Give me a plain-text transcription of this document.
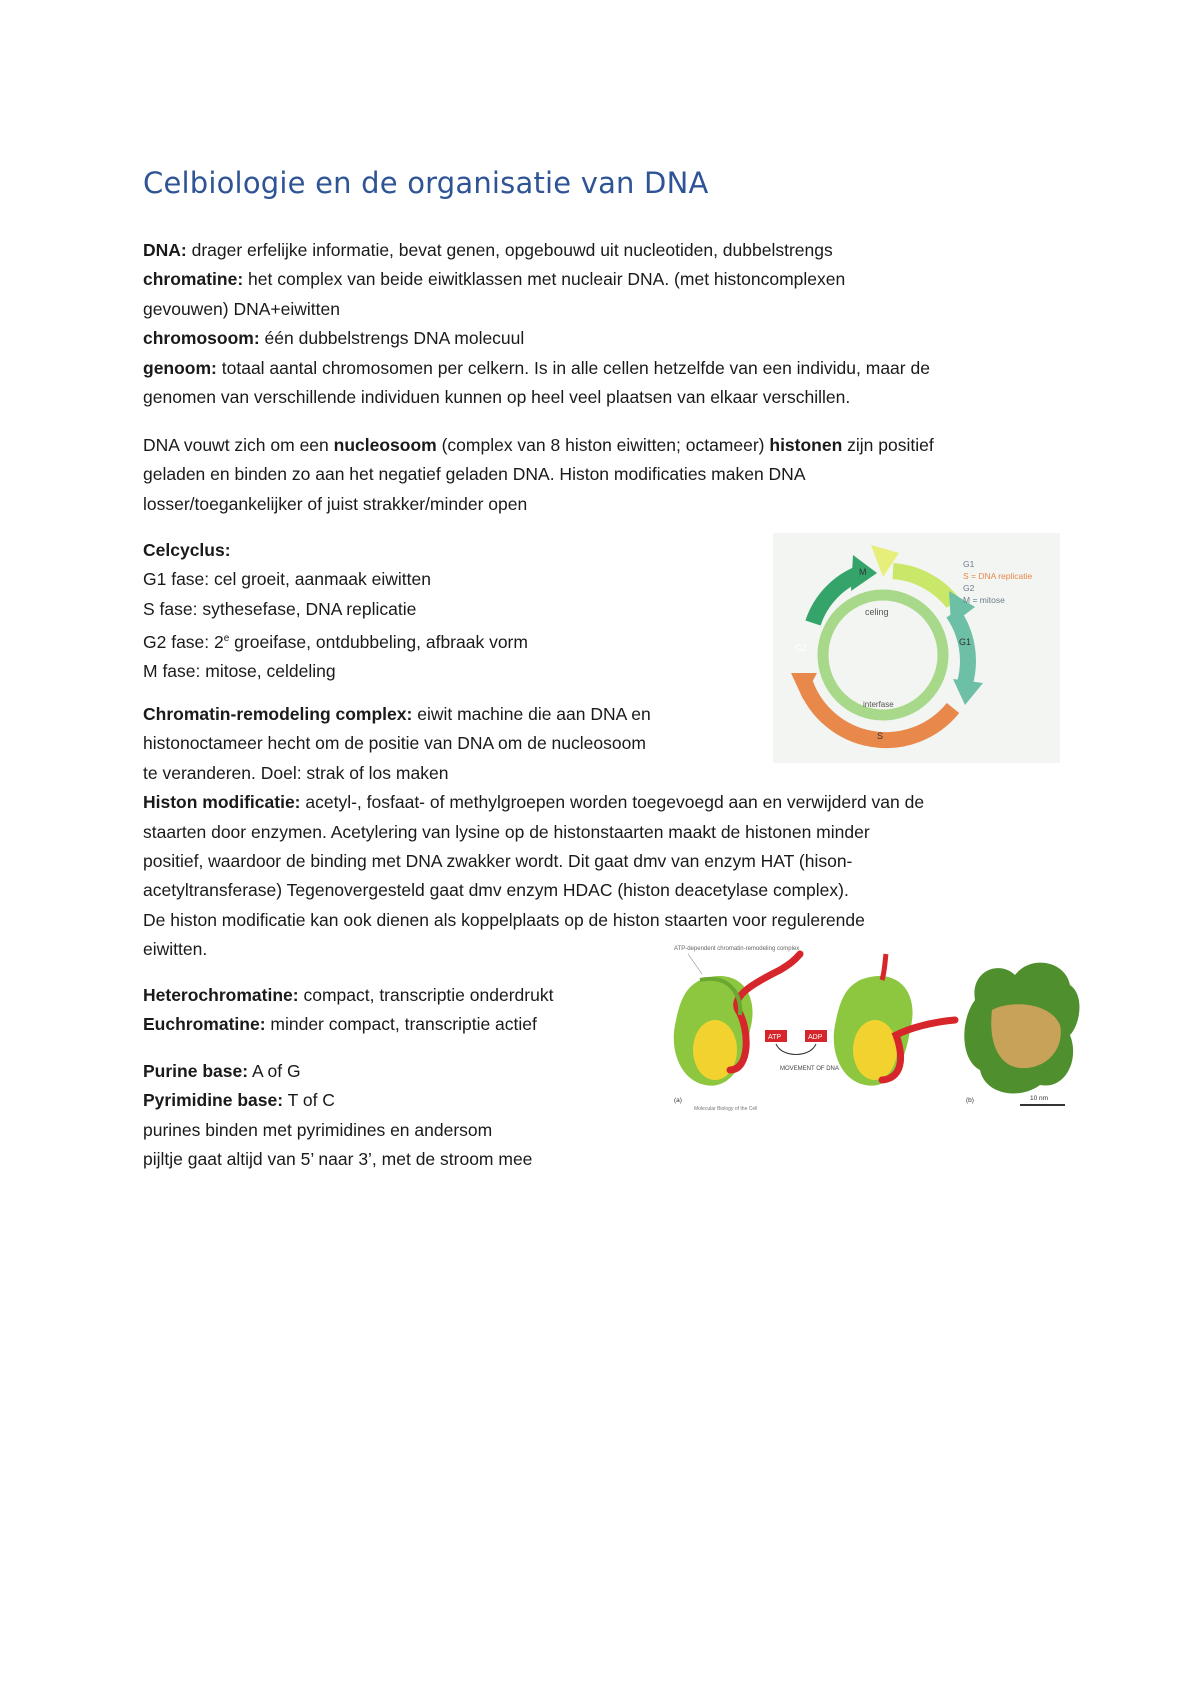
Celbiologie en de organisatie van DNA

DNA: drager erfelijke informatie, bevat genen, opgebouwd uit nucleotiden, dubbelstrengs

chromatine: het complex van beide eiwitklassen met nucleair DNA. (met histoncomplexen

gevouwen) DNA+eiwitten

chromosoom: één dubbelstrengs DNA molecuul

genoom: totaal aantal chromosomen per celkern. Is in alle cellen hetzelfde van een individu, maar de

genomen van verschillende individuen kunnen op heel veel plaatsen van elkaar verschillen.

DNA vouwt zich om een nucleosoom (complex van 8 histon eiwitten; octameer) histonen zijn positief

geladen en binden zo aan het negatief geladen DNA. Histon modificaties maken DNA

losser/toegankelijker of juist strakker/minder open

Celcyclus:

G1 fase: cel groeit, aanmaak eiwitten

S fase: sythesefase, DNA replicatie

G2 fase: 2e groeifase, ontdubbeling, afbraak vorm

M fase: mitose, celdeling

Chromatin-remodeling complex: eiwit machine die aan DNA en

histonoctameer hecht om de positie van DNA om de nucleosoom

te veranderen. Doel: strak of los maken

Histon modificatie: acetyl-, fosfaat- of methylgroepen worden toegevoegd aan en verwijderd van de

staarten door enzymen. Acetylering van lysine op de histonstaarten maakt de histonen minder

positief, waardoor de binding met DNA zwakker wordt. Dit gaat dmv van enzym HAT (hison-

acetyltransferase) Tegenovergesteld gaat dmv enzym HDAC (histon deacetylase complex).

De histon modificatie kan ook dienen als koppelplaats op de histon staarten voor regulerende

eiwitten.

Heterochromatine: compact, transcriptie onderdrukt

Euchromatine: minder compact, transcriptie actief

Purine base: A of G

Pyrimidine base: T of C

purines binden met pyrimidines en andersom

pijltje gaat altijd van 5’ naar 3’, met de stroom mee

M
G2
G1
S
celing
interfase
G1
S = DNA replicatie
G2
M = mitose
ATP-dependent chromatin-remodeling complex
ATP	ADP
MOVEMENT OF DNA
10 nm
(a)	(b)
Molecular Biology of the Cell
